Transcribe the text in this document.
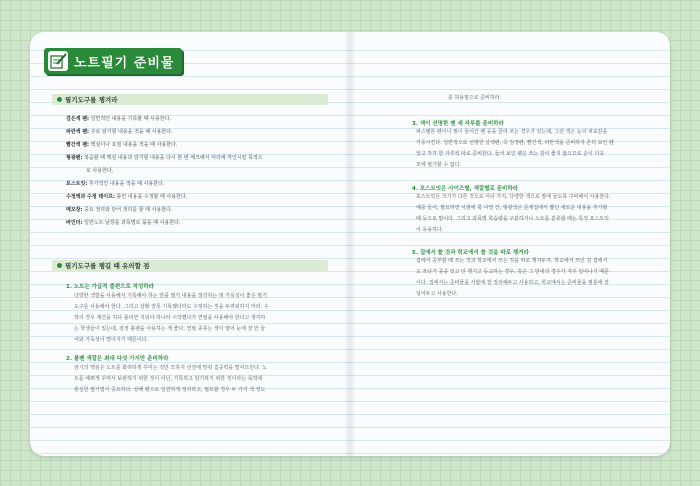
노트필기 준비물
필기도구를 챙겨라
검은색 펜: 일반적인 내용을 기록할 때 사용한다.
파란색 펜: 주로 암기할 내용을 적을 때 사용한다.
빨간색 펜: 핵심이나 요점 내용을 적을 때 사용한다.
형광펜: 복습할 때 핵심 내용과 암기할 내용을 다시 한 번 체크해서 머리에 각인시킬 목적으
로 사용한다.
포스트잇: 추가적인 내용을 적을 때 사용한다.
수정액과 수정 테이프: 틀린 내용을 수정할 때 사용한다.
메모장: 중요 정리와 단어 정리를 할 때 사용한다.
바인더: 일반노트 낱장을 과목별로 묶을 때 사용한다.
필기도구를 챙길 때 유의할 점
1. 노트는 가급적 줄편으로 작성하라
다양한 색깔을 사용해서 기록해야 하는 만큼 필기 내용을 정리하는 데 가독성이 좋은 필기
도구를 사용해야 한다. 그리고 상황 잘못 기록했다라도 수정하는 것을 두려워하지 마라. 수
학의 경우 계산을 하다 틀리면 지워야 하나라 시작했다가 연필을 사용해야 한다고 생각하
는 학생들이 있는데, 검정 볼펜을 사용하는 게 좋다. 연필 종류는 색이 옅어 눈에 잘 안 들
어와 가독성이 떨어지기 때문이다.
2. 볼펜 색깔은 최대 다섯 가지만 준비하라
암기의 핵심은 노트를 화려하게 꾸미는 것만 모하지 선전에 맞춰 집중력을 떨어뜨린다. 노
트를 예쁘게 꾸며서 보관하기 위한 것이 아닌, 기록하고 암기하기 위한 것이라는 목적에
충실한 필기법이 중요하다. 상해 펜으로 일원하게 정리하고, 필요할 경우 두 가지 색 정도
를 허용범으로 준비하라.
3. 색이 선명한 펜 세 자루를 준비하라
파스텔톤 펜이나 펄이 들어간 펜 등을 골라 쓰는 경우가 있는데, 그런 색은 눈의 피로감을
가중시킨다. 일반적으로 선명한 살색펜, 즉 검정펜, 빨간색, 파란색을 준비하자 흔히 보인 펜
알고 각각 한 자루씩 따로 준비한다. 들어 보인 펜은 쓰는 감이 좋지 않으므로 손이 더욱
모에 필기할 수 없다.
4. 포스트잇은 사이즈별, 색깔별로 준비하라
포스트잇은 크기가 다른 것으로 서너 가지, 다양한 색으로 잠에 들도록 구비해서 사용한다.
예를 들어, 필요하면 서점에 쭉 나열 건, 형광색은 문제집에서 뽑던 새로운 내용을 추가할
때 등으로 말이다. 그리고 과목별 학습량을 구분하거나 노트를 분류할 때는 특정 포스트잇
이 유용하다.
5. 집에서 쓸 것과 학교에서 쓸 것을 따로 챙겨라
집에서 공부할 때 쓰는 것과 학교에서 쓰는 것을 따로 챙겨두자. 학교에서 쓰던 걸 집에서
도 쓰다가 종종 있고 안 챙기고 등교하는 경우, 혹은 그 반대의 경우가 자주 일어나기 때문
이다. 집에서는 준비물을 서랍에 잘 정리해두고 사용하고, 학교에서는 준비물을 필통에 잘
넣어두고 사용한다.
